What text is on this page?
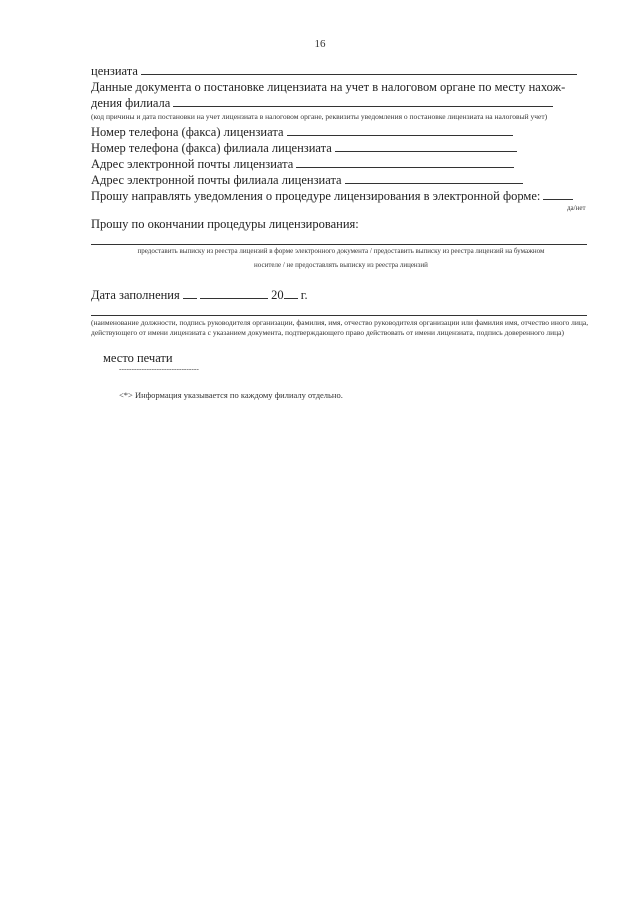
16
цензиата
Данные документа о постановке лицензиата на учет в налоговом органе по месту нахож-
дения филиала
(код причины и дата постановки на учет лицензиата в налоговом органе, реквизиты уведомления о постановке лицензиата на налоговый учет)
Номер телефона (факса) лицензиата
Номер телефона (факса) филиала лицензиата
Адрес электронной почты лицензиата
Адрес электронной почты филиала лицензиата
Прошу направлять уведомления о процедуре лицензирования в электронной форме:
да/нет
Прошу по окончании процедуры лицензирования:
предоставить выписку из реестра лицензий в форме электронного документа / предоставить выписку из реестра лицензий на бумажном
носителе / не предоставлять выписку из реестра лицензий
Дата заполнения	20 г.
(наименование должности, подпись руководителя организации, фамилия, имя, отчество руководителя организации или фамилия имя, отчество иного лица, действующего от имени лицензиата с указанием документа, подтверждающего право действовать от имени лицензиата, подпись доверенного лица)
место печати
--------------------------------
<*> Информация указывается по каждому филиалу отдельно.
